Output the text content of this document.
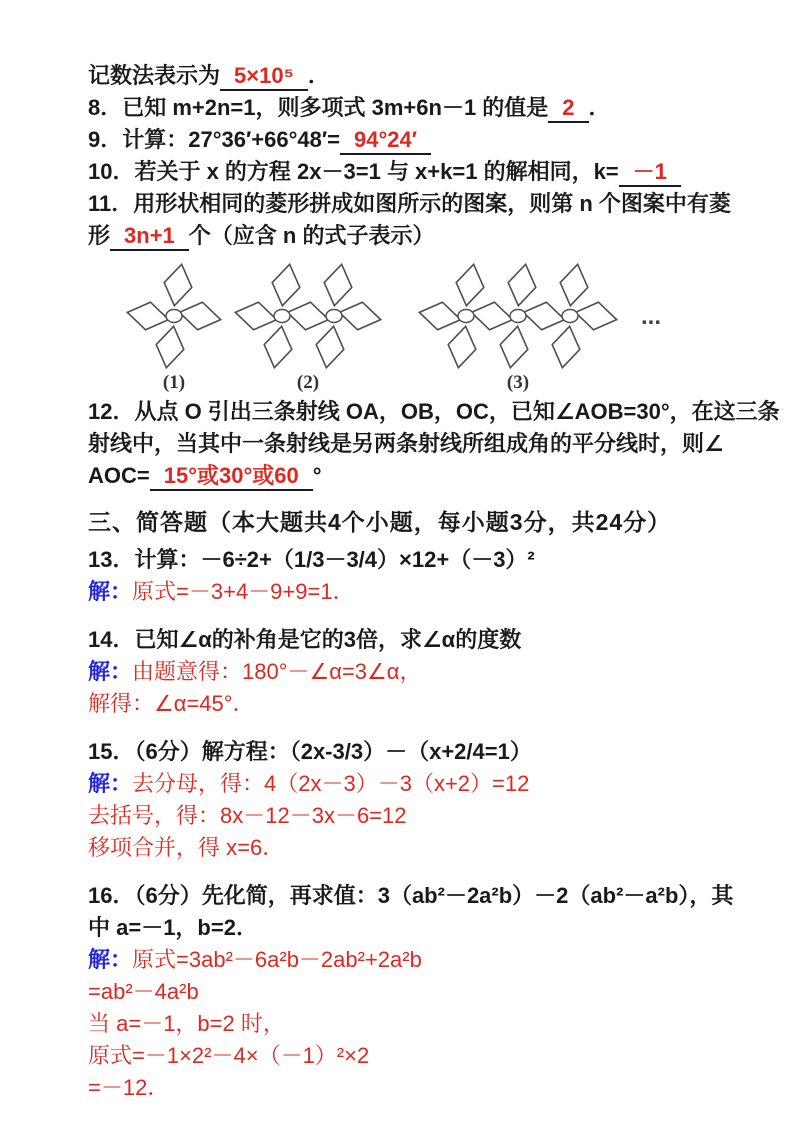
记数法表示为 5×10⁵ ．
8．已知 m+2n=1，则多项式 3m+6n－1 的值是 2 ．
9．计算：27°36′+66°48′= 94°24′
10．若关于 x 的方程 2x－3=1 与 x+k=1 的解相同，k= －1
11．用形状相同的菱形拼成如图所示的图案，则第 n 个图案中有菱
形 3n+1 个（应含 n 的式子表示）
(1)	(2)	(3)
...
12．从点 O 引出三条射线 OA，OB，OC，已知∠AOB=30°，在这三条
射线中，当其中一条射线是另两条射线所组成角的平分线时，则∠
AOC= 15°或30°或60 °
三、简答题（本大题共4个小题，每小题3分，共24分）
13．计算：－6÷2+（1/3－3/4）×12+（－3）²
解：原式=－3+4－9+9=1．
14．已知∠α的补角是它的3倍，求∠α的度数
解：由题意得：180°－∠α=3∠α，
解得：∠α=45°．
15．（6分）解方程：（2x-3/3）－（x+2/4=1）
解：去分母，得：4（2x－3）－3（x+2）=12
去括号，得：8x－12－3x－6=12
移项合并，得 x=6．
16．（6分）先化简，再求值：3（ab²－2a²b）－2（ab²－a²b），其
中 a=－1，b=2．
解：原式=3ab²－6a²b－2ab²+2a²b
=ab²－4a²b
当 a=－1，b=2 时，
原式=－1×2²－4×（－1）²×2
=－12．
